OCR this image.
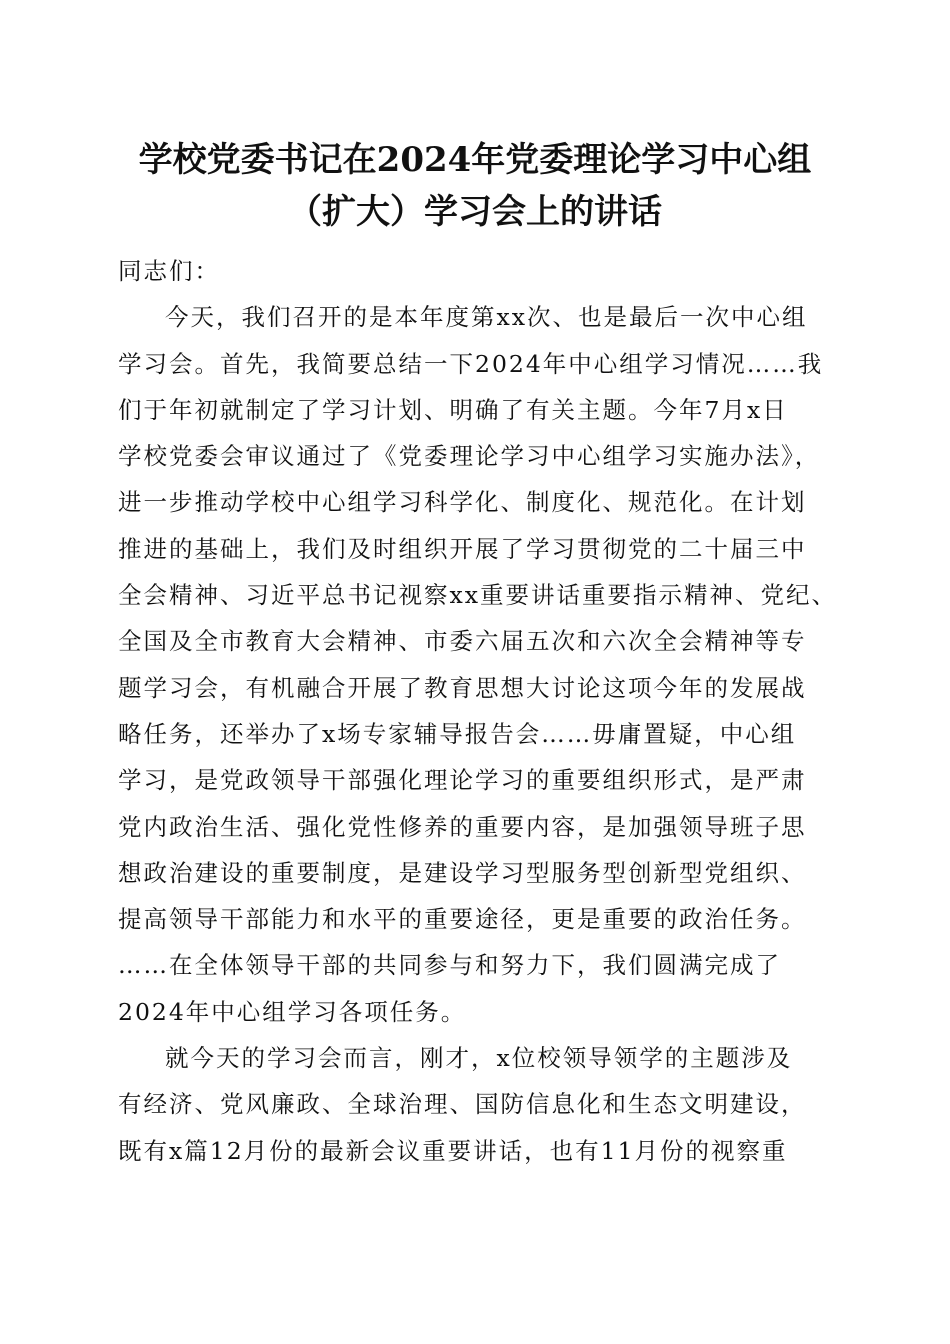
学校党委书记在2024年党委理论学习中心组
（扩大）学习会上的讲话
同志们：
今天，我们召开的是本年度第xx次、也是最后一次中心组
学习会。首先，我简要总结一下2024年中心组学习情况……我
们于年初就制定了学习计划、明确了有关主题。今年7月x日
学校党委会审议通过了《党委理论学习中心组学习实施办法》，
进一步推动学校中心组学习科学化、制度化、规范化。在计划
推进的基础上，我们及时组织开展了学习贯彻党的二十届三中
全会精神、习近平总书记视察xx重要讲话重要指示精神、党纪、
全国及全市教育大会精神、市委六届五次和六次全会精神等专
题学习会，有机融合开展了教育思想大讨论这项今年的发展战
略任务，还举办了x场专家辅导报告会……毋庸置疑，中心组
学习，是党政领导干部强化理论学习的重要组织形式，是严肃
党内政治生活、强化党性修养的重要内容，是加强领导班子思
想政治建设的重要制度，是建设学习型服务型创新型党组织、
提高领导干部能力和水平的重要途径，更是重要的政治任务。
……在全体领导干部的共同参与和努力下，我们圆满完成了
2024年中心组学习各项任务。
就今天的学习会而言，刚才，x位校领导领学的主题涉及
有经济、党风廉政、全球治理、国防信息化和生态文明建设，
既有x篇12月份的最新会议重要讲话，也有11月份的视察重
